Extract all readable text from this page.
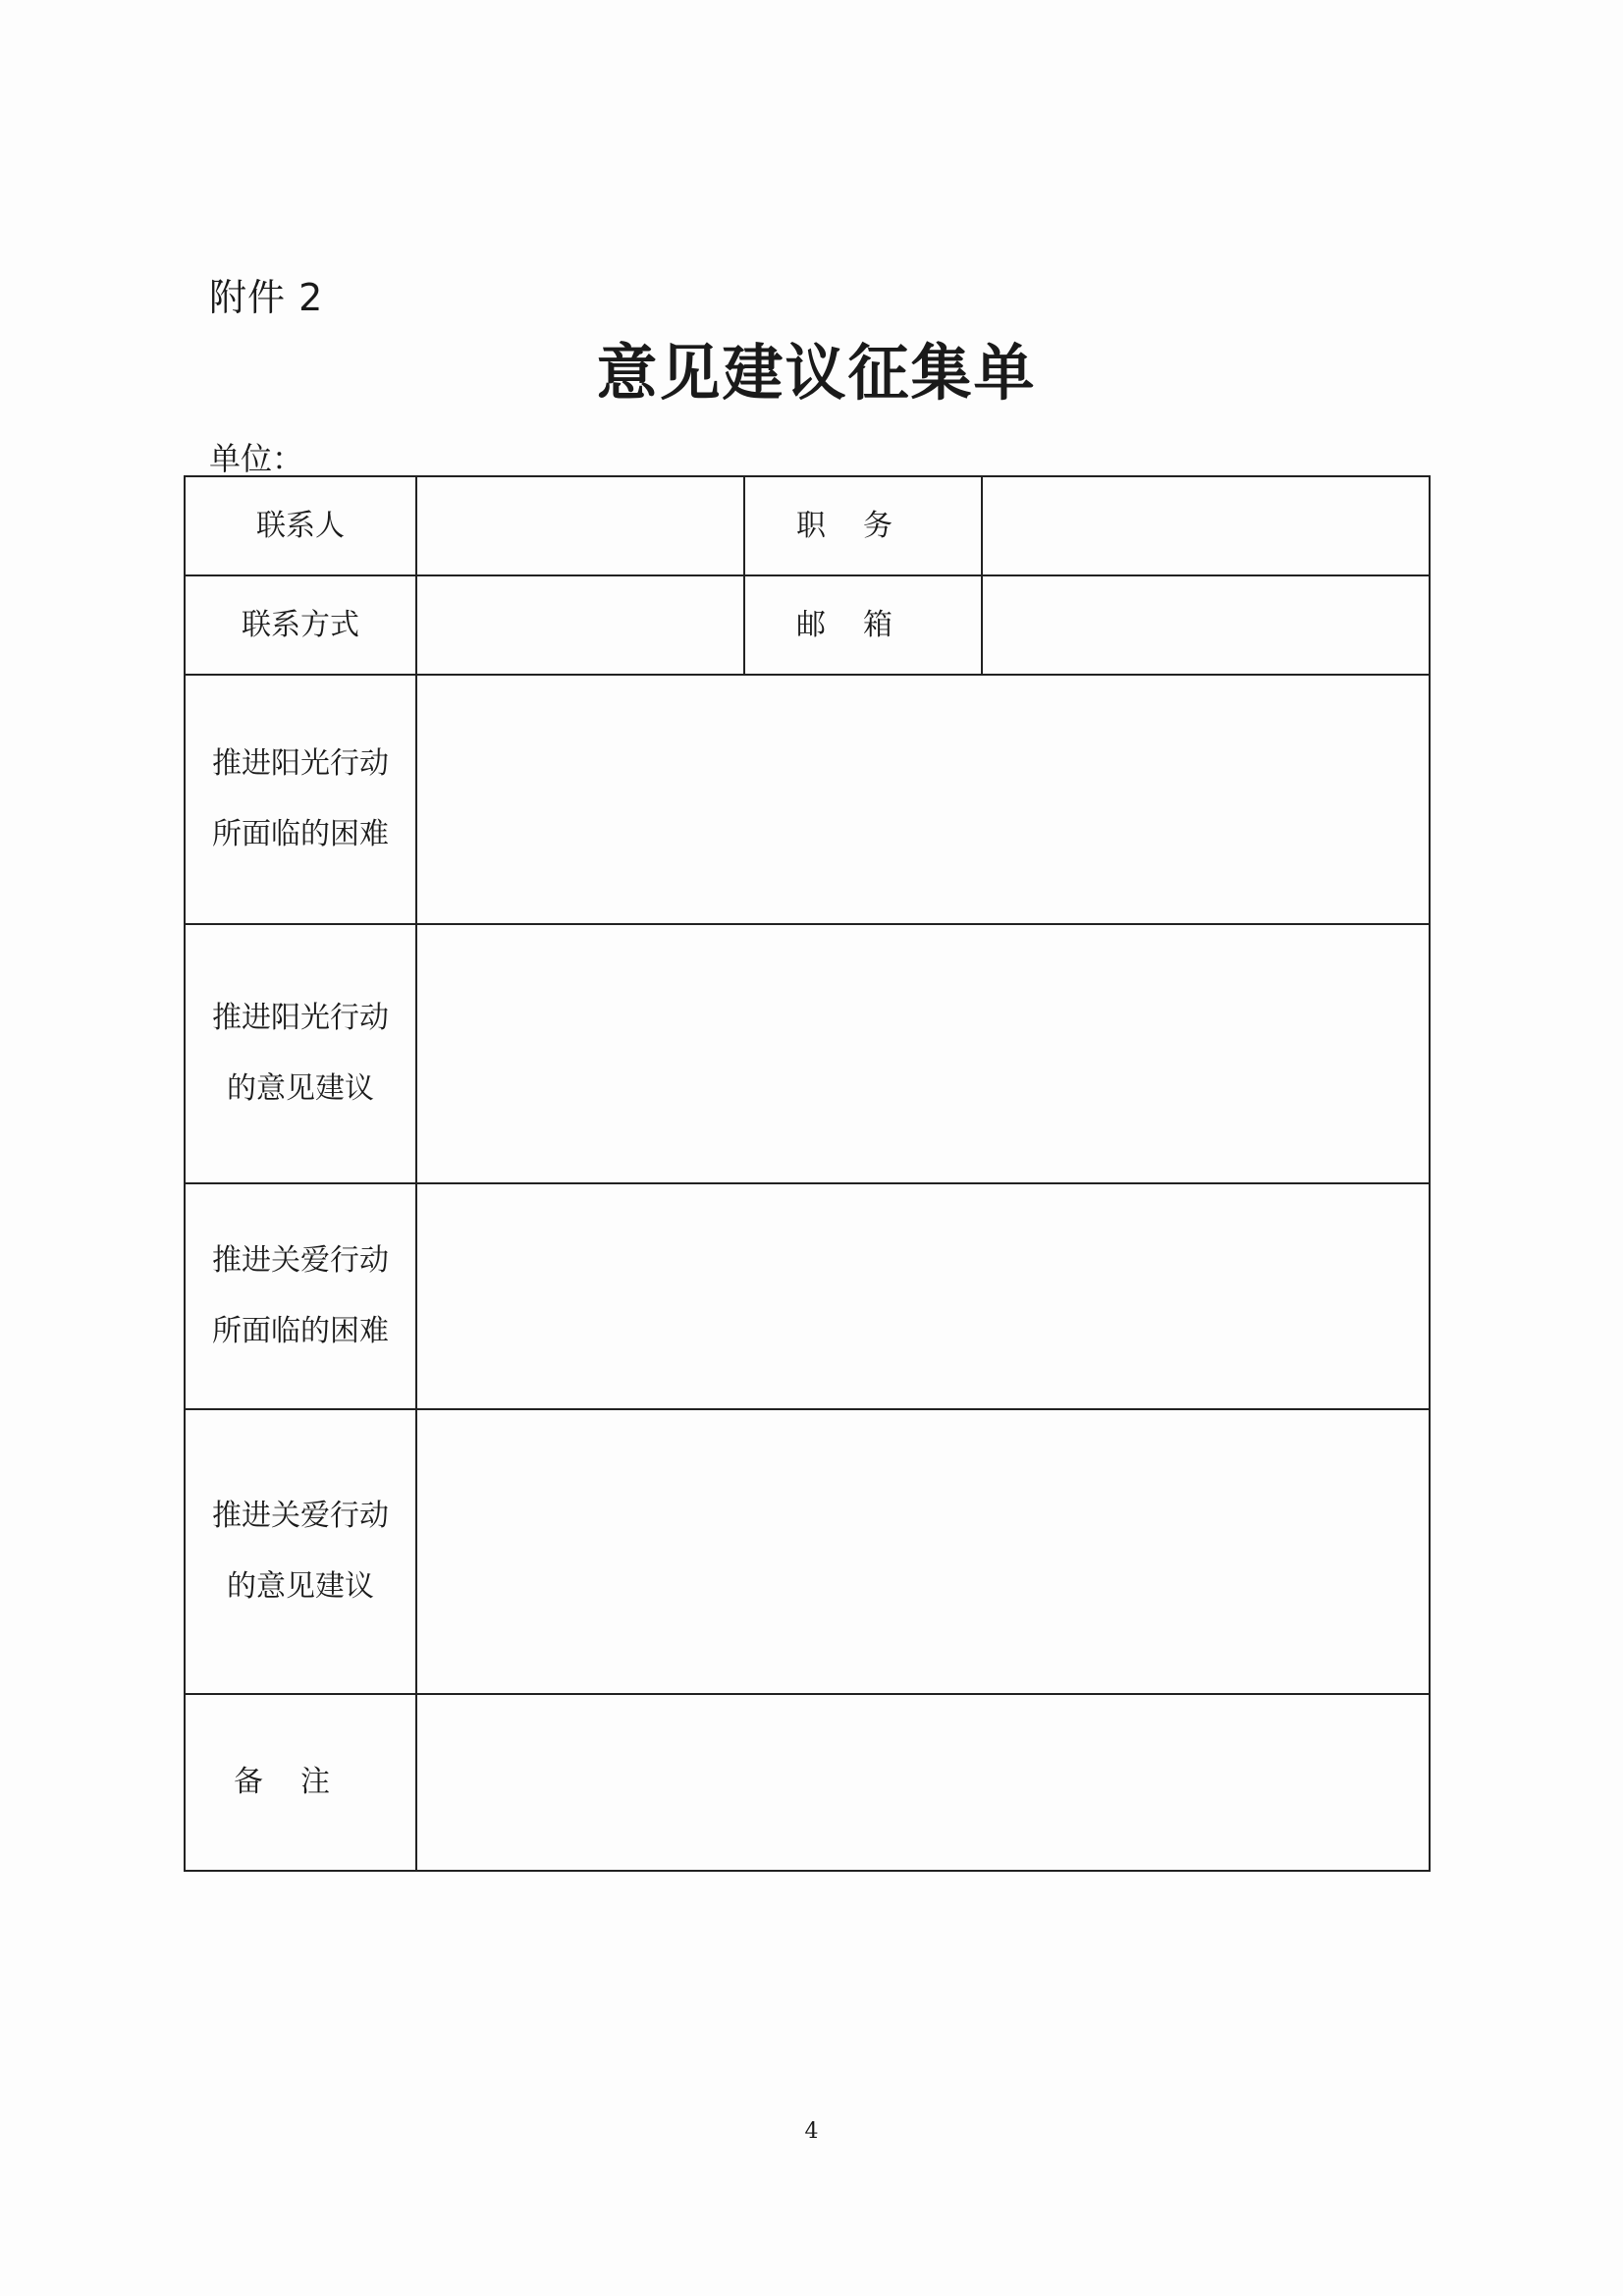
附件 2
意见建议征集单
单位：
联系人		职务	
联系方式		邮箱	

推进阳光行动
所面临的困难			

推进阳光行动
的意见建议			

推进关爱行动
所面临的困难			

推进关爱行动
的意见建议			

备注			
4
